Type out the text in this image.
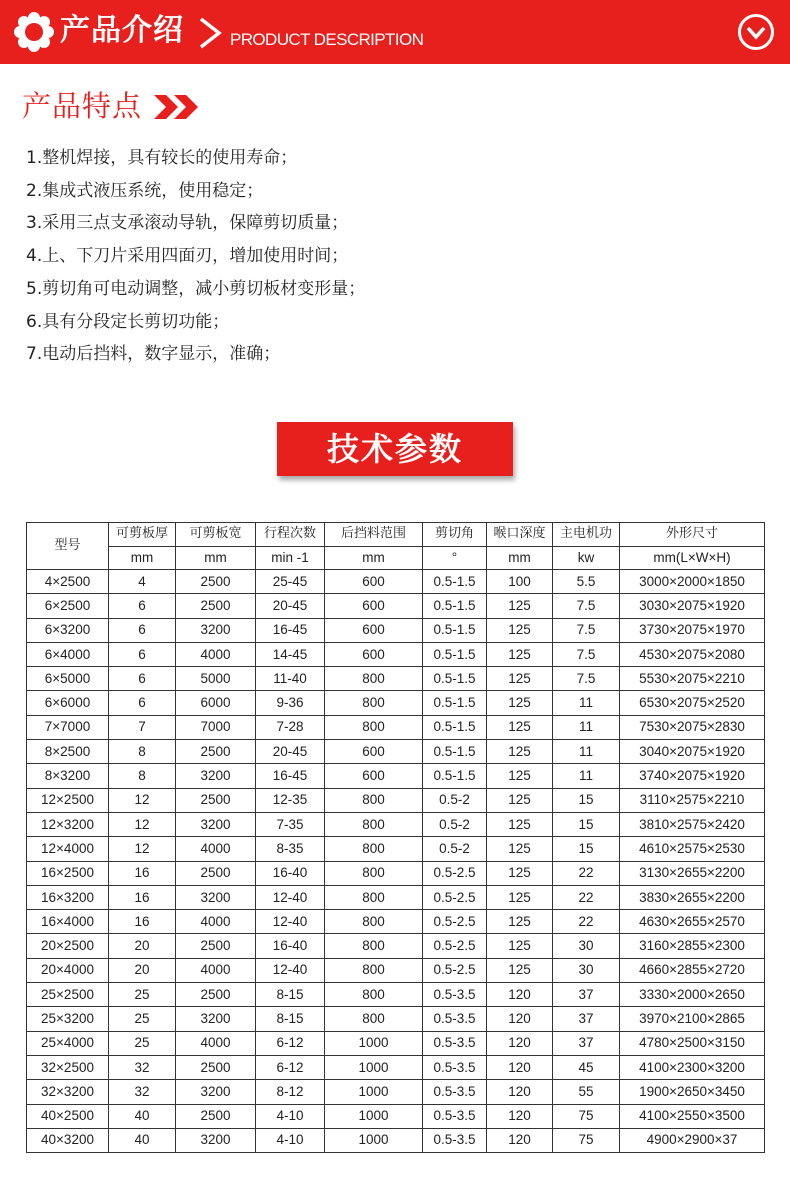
产品介绍	PRODUCT DESCRIPTION
产品特点
1.整机焊接，具有较长的使用寿命；
2.集成式液压系统，使用稳定；
3.采用三点支承滚动导轨，保障剪切质量；
4.上、下刀片采用四面刃，增加使用时间；
5.剪切角可电动调整，减小剪切板材变形量；
6.具有分段定长剪切功能；
7.电动后挡料，数字显示，准确；
技术参数
型号	可剪板厚	可剪板宽	行程次数	后挡料范围	剪切角	喉口深度	主电机功	外形尺寸
	mm	mm	min -1	mm	°	mm	kw	mm(L×W×H)
4×2500	4	2500	25-45	600	0.5-1.5	100	5.5	3000×2000×1850
6×2500	6	2500	20-45	600	0.5-1.5	125	7.5	3030×2075×1920
6×3200	6	3200	16-45	600	0.5-1.5	125	7.5	3730×2075×1970
6×4000	6	4000	14-45	600	0.5-1.5	125	7.5	4530×2075×2080
6×5000	6	5000	11-40	800	0.5-1.5	125	7.5	5530×2075×2210
6×6000	6	6000	9-36	800	0.5-1.5	125	11	6530×2075×2520
7×7000	7	7000	7-28	800	0.5-1.5	125	11	7530×2075×2830
8×2500	8	2500	20-45	600	0.5-1.5	125	11	3040×2075×1920
8×3200	8	3200	16-45	600	0.5-1.5	125	11	3740×2075×1920
12×2500	12	2500	12-35	800	0.5-2	125	15	3110×2575×2210
12×3200	12	3200	7-35	800	0.5-2	125	15	3810×2575×2420
12×4000	12	4000	8-35	800	0.5-2	125	15	4610×2575×2530
16×2500	16	2500	16-40	800	0.5-2.5	125	22	3130×2655×2200
16×3200	16	3200	12-40	800	0.5-2.5	125	22	3830×2655×2200
16×4000	16	4000	12-40	800	0.5-2.5	125	22	4630×2655×2570
20×2500	20	2500	16-40	800	0.5-2.5	125	30	3160×2855×2300
20×4000	20	4000	12-40	800	0.5-2.5	125	30	4660×2855×2720
25×2500	25	2500	8-15	800	0.5-3.5	120	37	3330×2000×2650
25×3200	25	3200	8-15	800	0.5-3.5	120	37	3970×2100×2865
25×4000	25	4000	6-12	1000	0.5-3.5	120	37	4780×2500×3150
32×2500	32	2500	6-12	1000	0.5-3.5	120	45	4100×2300×3200
32×3200	32	3200	8-12	1000	0.5-3.5	120	55	1900×2650×3450
40×2500	40	2500	4-10	1000	0.5-3.5	120	75	4100×2550×3500
40×3200	40	3200	4-10	1000	0.5-3.5	120	75	4900×2900×37
